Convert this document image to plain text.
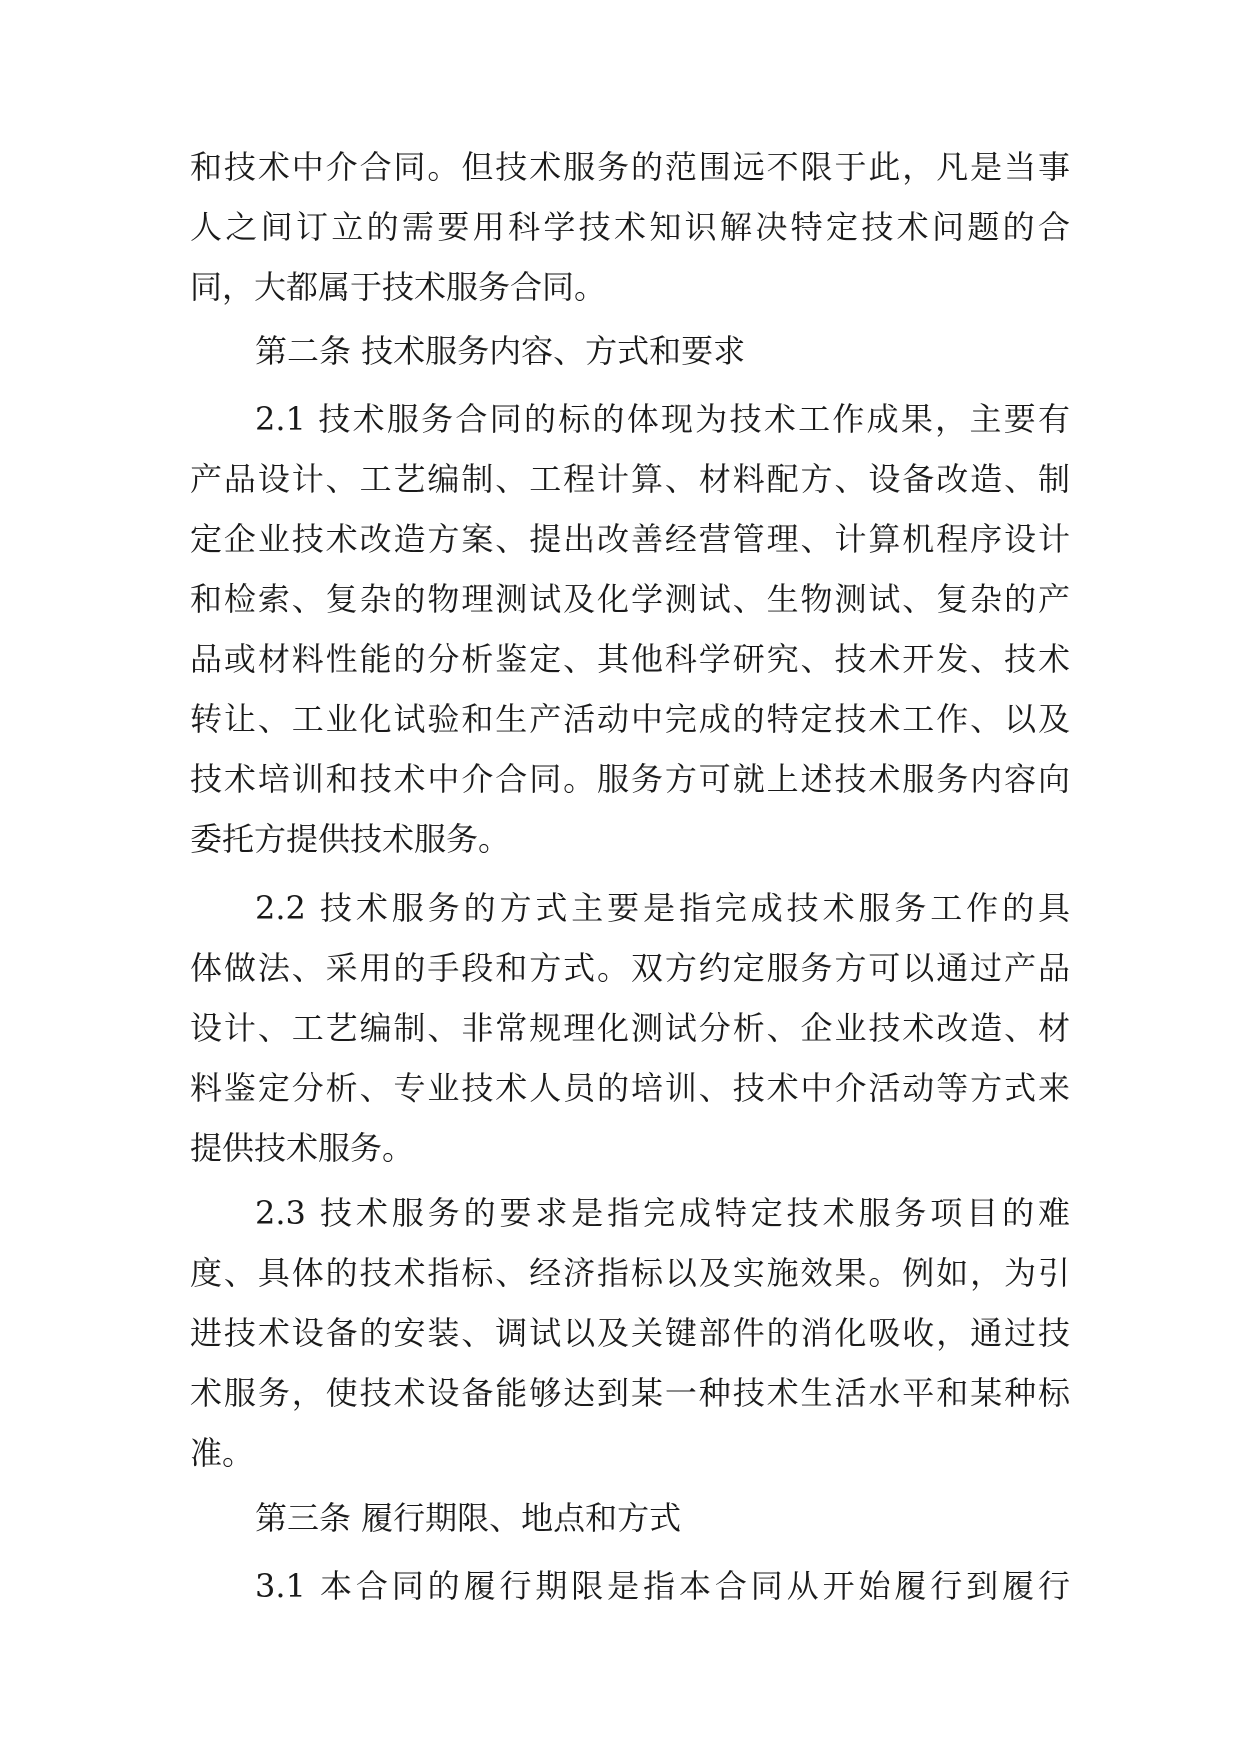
和技术中介合同。但技术服务的范围远不限于此，凡是当事
人之间订立的需要用科学技术知识解决特定技术问题的合
同，大都属于技术服务合同。
第二条 技术服务内容、方式和要求
2.1 技术服务合同的标的体现为技术工作成果，主要有
产品设计、工艺编制、工程计算、材料配方、设备改造、制
定企业技术改造方案、提出改善经营管理、计算机程序设计
和检索、复杂的物理测试及化学测试、生物测试、复杂的产
品或材料性能的分析鉴定、其他科学研究、技术开发、技术
转让、工业化试验和生产活动中完成的特定技术工作、以及
技术培训和技术中介合同。服务方可就上述技术服务内容向
委托方提供技术服务。
2.2 技术服务的方式主要是指完成技术服务工作的具
体做法、采用的手段和方式。双方约定服务方可以通过产品
设计、工艺编制、非常规理化测试分析、企业技术改造、材
料鉴定分析、专业技术人员的培训、技术中介活动等方式来
提供技术服务。
2.3 技术服务的要求是指完成特定技术服务项目的难
度、具体的技术指标、经济指标以及实施效果。例如，为引
进技术设备的安装、调试以及关键部件的消化吸收，通过技
术服务，使技术设备能够达到某一种技术生活水平和某种标
准。
第三条 履行期限、地点和方式
3.1 本合同的履行期限是指本合同从开始履行到履行
